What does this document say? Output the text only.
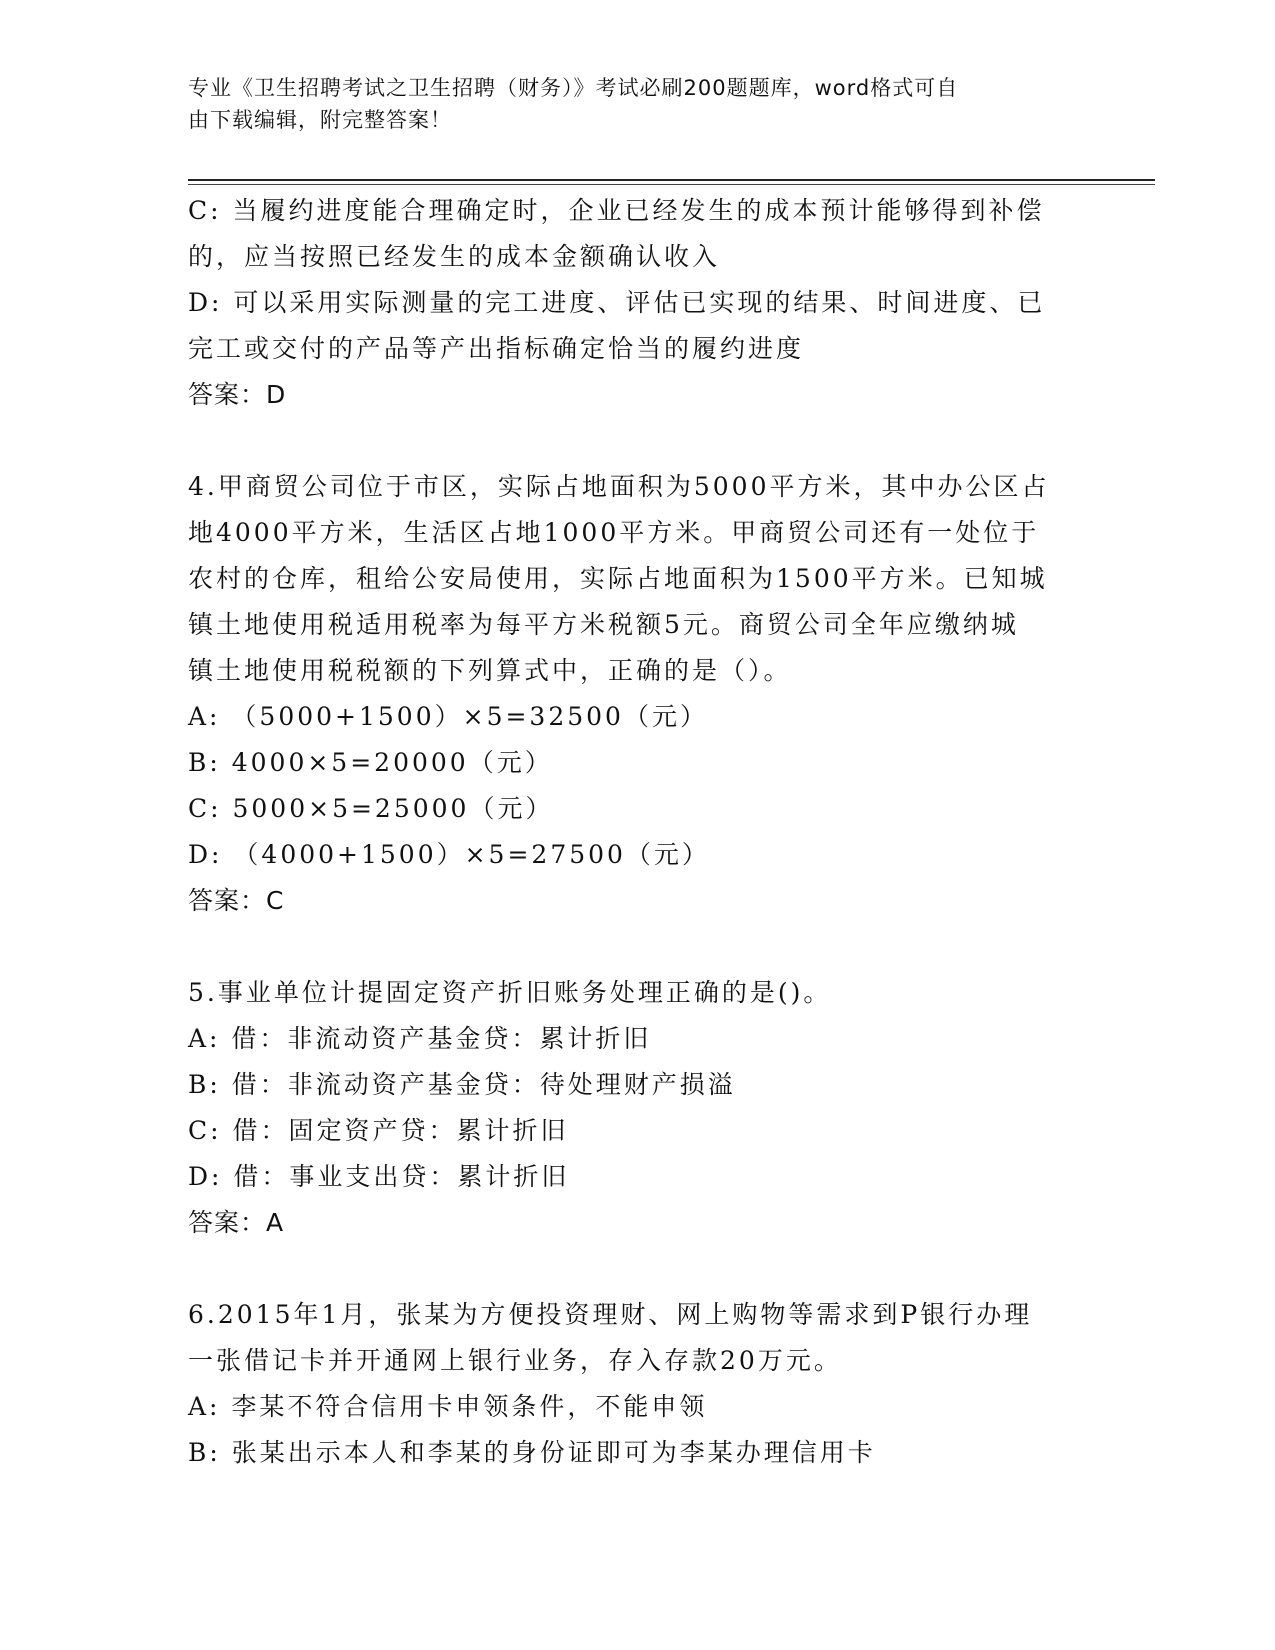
专业《卫生招聘考试之卫生招聘（财务）》考试必刷200题题库，word格式可自
由下载编辑，附完整答案！

C: 当履约进度能合理确定时，企业已经发生的成本预计能够得到补偿

的，应当按照已经发生的成本金额确认收入

D: 可以采用实际测量的完工进度、评估已实现的结果、时间进度、已

完工或交付的产品等产出指标确定恰当的履约进度

答案：D

4.甲商贸公司位于市区，实际占地面积为5000平方米，其中办公区占

地4000平方米，生活区占地1000平方米。甲商贸公司还有一处位于

农村的仓库，租给公安局使用，实际占地面积为1500平方米。已知城

镇土地使用税适用税率为每平方米税额5元。商贸公司全年应缴纳城

镇土地使用税税额的下列算式中，正确的是（）。

A: （5000+1500）×5=32500（元）

B: 4000×5=20000（元）

C: 5000×5=25000（元）

D: （4000+1500）×5=27500（元）

答案：C

5.事业单位计提固定资产折旧账务处理正确的是()。

A: 借：非流动资产基金贷：累计折旧

B: 借：非流动资产基金贷：待处理财产损溢

C: 借：固定资产贷：累计折旧

D: 借：事业支出贷：累计折旧

答案：A

6.2015年1月，张某为方便投资理财、网上购物等需求到P银行办理

一张借记卡并开通网上银行业务，存入存款20万元。

A: 李某不符合信用卡申领条件，不能申领

B: 张某出示本人和李某的身份证即可为李某办理信用卡
